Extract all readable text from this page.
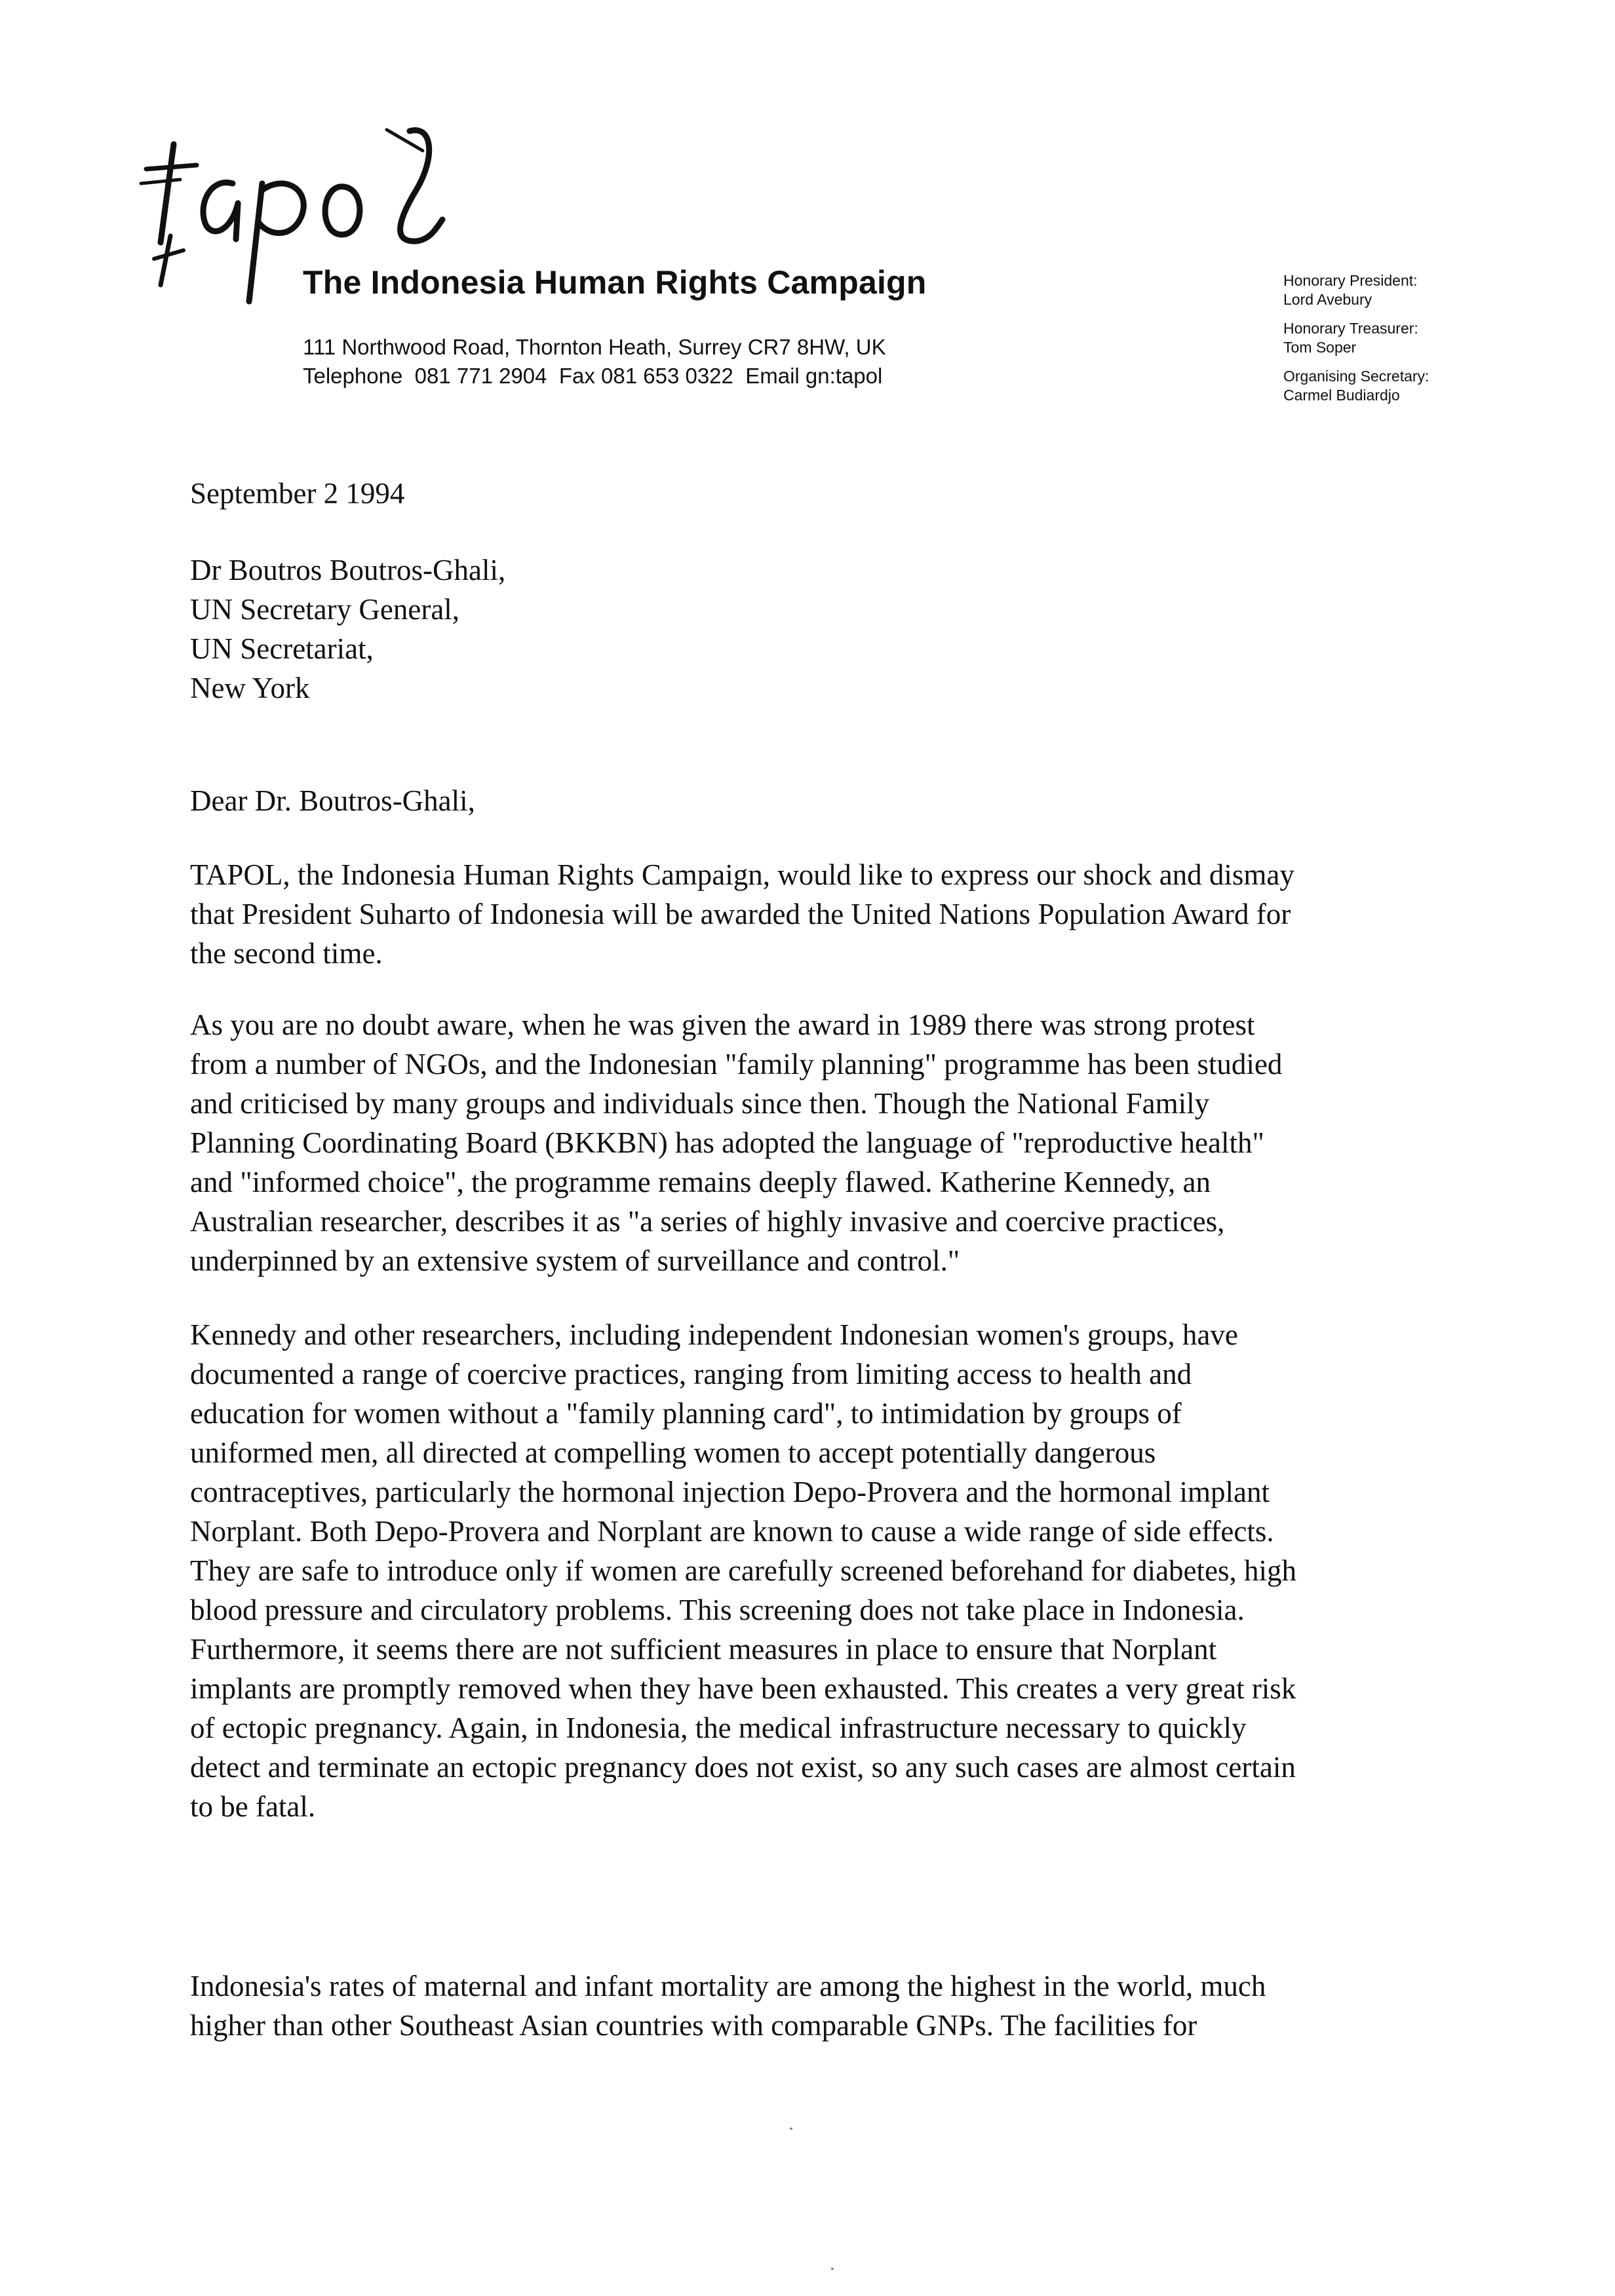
The Indonesia Human Rights Campaign
111 Northwood Road, Thornton Heath, Surrey CR7 8HW, UK
Telephone  081 771 2904  Fax 081 653 0322  Email gn:tapol
Honorary President:
Lord Avebury
Honorary Treasurer:
Tom Soper
Organising Secretary:
Carmel Budiardjo
September 2 1994
Dr Boutros Boutros-Ghali,
UN Secretary General,
UN Secretariat,
New York
Dear Dr. Boutros-Ghali,
TAPOL, the Indonesia Human Rights Campaign, would like to express our shock and dismay
that President Suharto of Indonesia will be awarded the United Nations Population Award for
the second time.
As you are no doubt aware, when he was given the award in 1989 there was strong protest
from a number of NGOs, and the Indonesian "family planning" programme has been studied
and criticised by many groups and individuals since then. Though the National Family
Planning Coordinating Board (BKKBN) has adopted the language of "reproductive health"
and "informed choice", the programme remains deeply flawed. Katherine Kennedy, an
Australian researcher, describes it as "a series of highly invasive and coercive practices,
underpinned by an extensive system of surveillance and control."
Kennedy and other researchers, including independent Indonesian women's groups, have
documented a range of coercive practices, ranging from limiting access to health and
education for women without a "family planning card", to intimidation by groups of
uniformed men, all directed at compelling women to accept potentially dangerous
contraceptives, particularly the hormonal injection Depo-Provera and the hormonal implant
Norplant. Both Depo-Provera and Norplant are known to cause a wide range of side effects.
They are safe to introduce only if women are carefully screened beforehand for diabetes, high
blood pressure and circulatory problems. This screening does not take place in Indonesia.
Furthermore, it seems there are not sufficient measures in place to ensure that Norplant
implants are promptly removed when they have been exhausted. This creates a very great risk
of ectopic pregnancy. Again, in Indonesia, the medical infrastructure necessary to quickly
detect and terminate an ectopic pregnancy does not exist, so any such cases are almost certain
to be fatal.
Indonesia's rates of maternal and infant mortality are among the highest in the world, much
higher than other Southeast Asian countries with comparable GNPs. The facilities for
